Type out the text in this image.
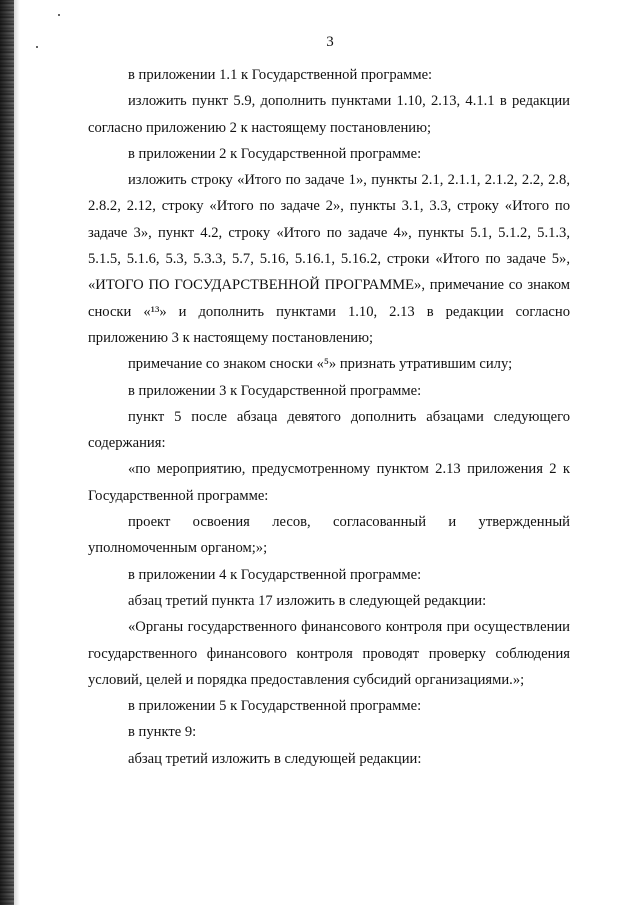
3

в приложении 1.1 к Государственной программе:

изложить пункт 5.9, дополнить пунктами 1.10, 2.13, 4.1.1 в редакции согласно приложению 2 к настоящему постановлению;

в приложении 2 к Государственной программе:

изложить строку «Итого по задаче 1», пункты 2.1, 2.1.1, 2.1.2, 2.2, 2.8, 2.8.2, 2.12, строку «Итого по задаче 2», пункты 3.1, 3.3, строку «Итого по задаче 3», пункт 4.2, строку «Итого по задаче 4», пункты 5.1, 5.1.2, 5.1.3, 5.1.5, 5.1.6, 5.3, 5.3.3, 5.7, 5.16, 5.16.1, 5.16.2, строки «Итого по задаче 5», «ИТОГО ПО ГОСУДАРСТВЕННОЙ ПРОГРАММЕ», примечание со знаком сноски «¹³» и дополнить пунктами 1.10, 2.13 в редакции согласно приложению 3 к настоящему постановлению;

примечание со знаком сноски «⁵» признать утратившим силу;

в приложении 3 к Государственной программе:

пункт 5 после абзаца девятого дополнить абзацами следующего содержания:

«по мероприятию, предусмотренному пунктом 2.13 приложения 2 к Государственной программе:

проект освоения лесов, согласованный и утвержденный уполномоченным органом;»;

в приложении 4 к Государственной программе:

абзац третий пункта 17 изложить в следующей редакции:

«Органы государственного финансового контроля при осуществлении государственного финансового контроля проводят проверку соблюдения условий, целей и порядка предоставления субсидий организациями.»;

в приложении 5 к Государственной программе:

в пункте 9:

абзац третий изложить в следующей редакции:
